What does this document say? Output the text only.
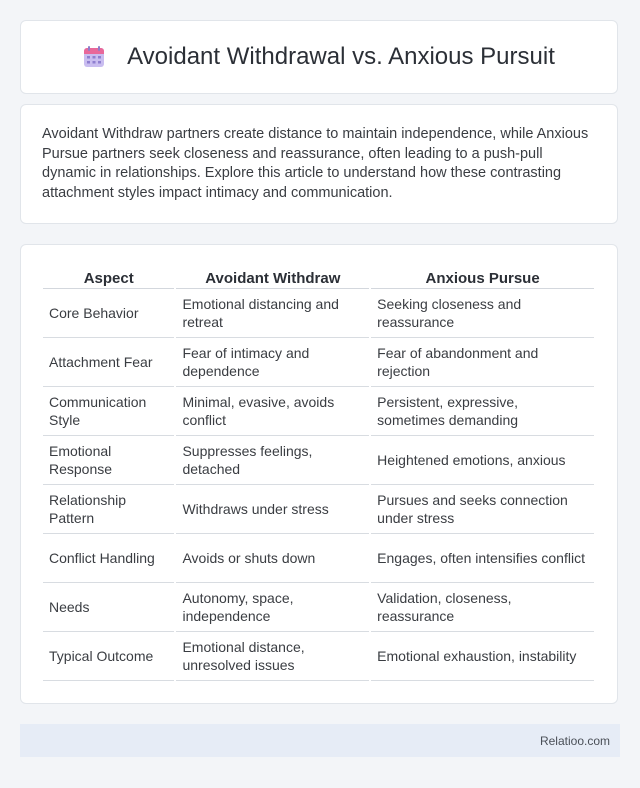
Avoidant Withdrawal vs. Anxious Pursuit

Avoidant Withdraw partners create distance to maintain independence, while Anxious Pursue partners seek closeness and reassurance, often leading to a push-pull dynamic in relationships. Explore this article to understand how these contrasting attachment styles impact intimacy and communication.

Aspect	Avoidant Withdraw	Anxious Pursue
Core Behavior	Emotional distancing and retreat	Seeking closeness and reassurance
Attachment Fear	Fear of intimacy and dependence	Fear of abandonment and rejection
Communication Style	Minimal, evasive, avoids conflict	Persistent, expressive, sometimes demanding
Emotional Response	Suppresses feelings, detached	Heightened emotions, anxious
Relationship Pattern	Withdraws under stress	Pursues and seeks connection under stress
Conflict Handling	Avoids or shuts down	Engages, often intensifies conflict
Needs	Autonomy, space, independence	Validation, closeness, reassurance
Typical Outcome	Emotional distance, unresolved issues	Emotional exhaustion, instability
Relatioo.com
